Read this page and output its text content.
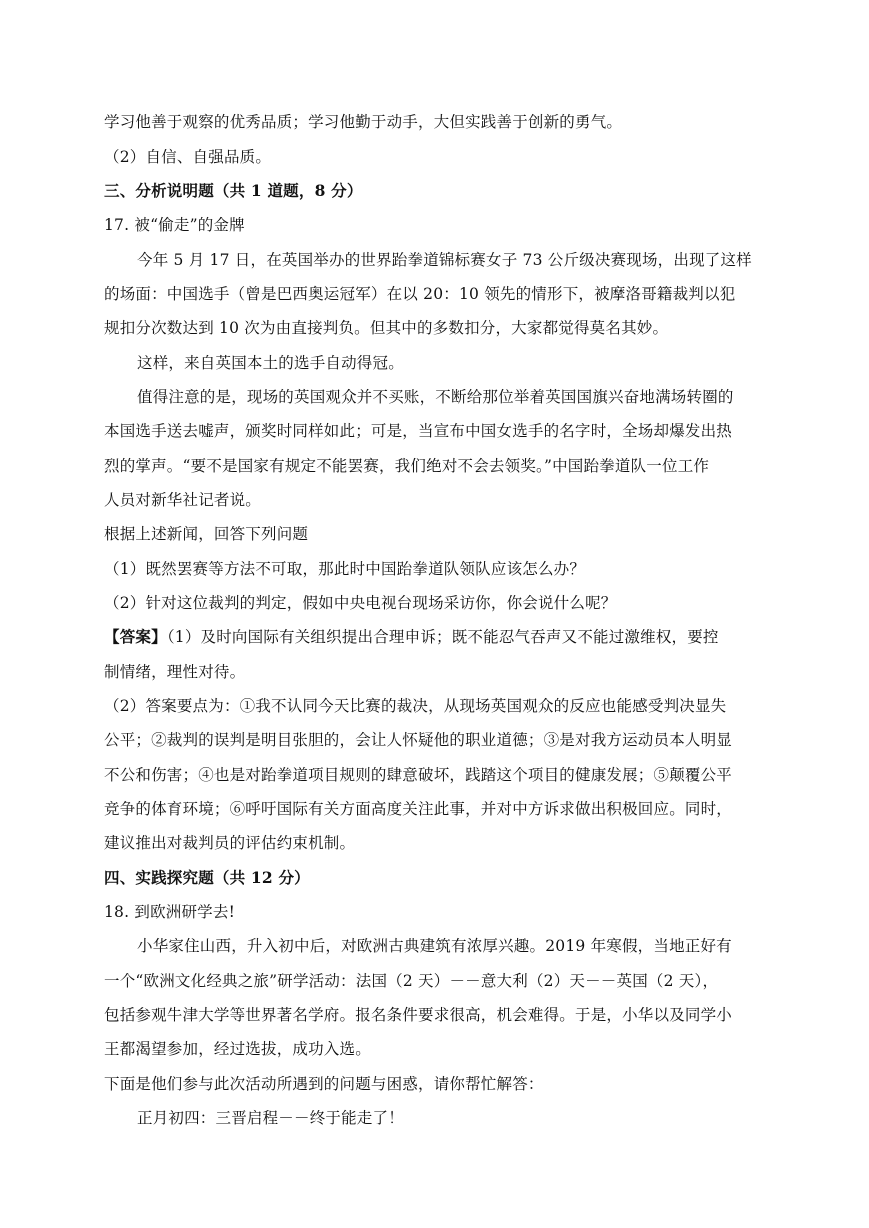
学习他善于观察的优秀品质；学习他勤于动手，大但实践善于创新的勇气。
（2）自信、自强品质。
三、分析说明题（共 1 道题，8 分）
17. 被“偷走”的金牌
今年 5 月 17 日，在英国举办的世界跆拳道锦标赛女子 73 公斤级决赛现场，出现了这样
的场面：中国选手（曾是巴西奥运冠军）在以 20：10 领先的情形下，被摩洛哥籍裁判以犯
规扣分次数达到 10 次为由直接判负。但其中的多数扣分，大家都觉得莫名其妙。
这样，来自英国本土的选手自动得冠。
值得注意的是，现场的英国观众并不买账，不断给那位举着英国国旗兴奋地满场转圈的
本国选手送去嘘声，颁奖时同样如此；可是，当宣布中国女选手的名字时，全场却爆发出热
烈的掌声。“要不是国家有规定不能罢赛，我们绝对不会去领奖。”中国跆拳道队一位工作
人员对新华社记者说。
根据上述新闻，回答下列问题
（1）既然罢赛等方法不可取，那此时中国跆拳道队领队应该怎么办？
（2）针对这位裁判的判定，假如中央电视台现场采访你，你会说什么呢？
【答案】（1）及时向国际有关组织提出合理申诉；既不能忍气吞声又不能过激维权，要控
制情绪，理性对待。
（2）答案要点为：①我不认同今天比赛的裁决，从现场英国观众的反应也能感受判决显失
公平；②裁判的误判是明目张胆的，会让人怀疑他的职业道德；③是对我方运动员本人明显
不公和伤害；④也是对跆拳道项目规则的肆意破坏，践踏这个项目的健康发展；⑤颠覆公平
竞争的体育环境；⑥呼吁国际有关方面高度关注此事，并对中方诉求做出积极回应。同时，
建议推出对裁判员的评估约束机制。
四、实践探究题（共 12 分）
18. 到欧洲研学去!
小华家住山西，升入初中后，对欧洲古典建筑有浓厚兴趣。2019 年寒假，当地正好有
一个“欧洲文化经典之旅”研学活动：法国（2 天）－－意大利（2）天－－英国（2 天），
包括参观牛津大学等世界著名学府。报名条件要求很高，机会难得。于是，小华以及同学小
王都渴望参加，经过选拔，成功入选。
下面是他们参与此次活动所遇到的问题与困惑，请你帮忙解答：
正月初四：三晋启程－－终于能走了！
